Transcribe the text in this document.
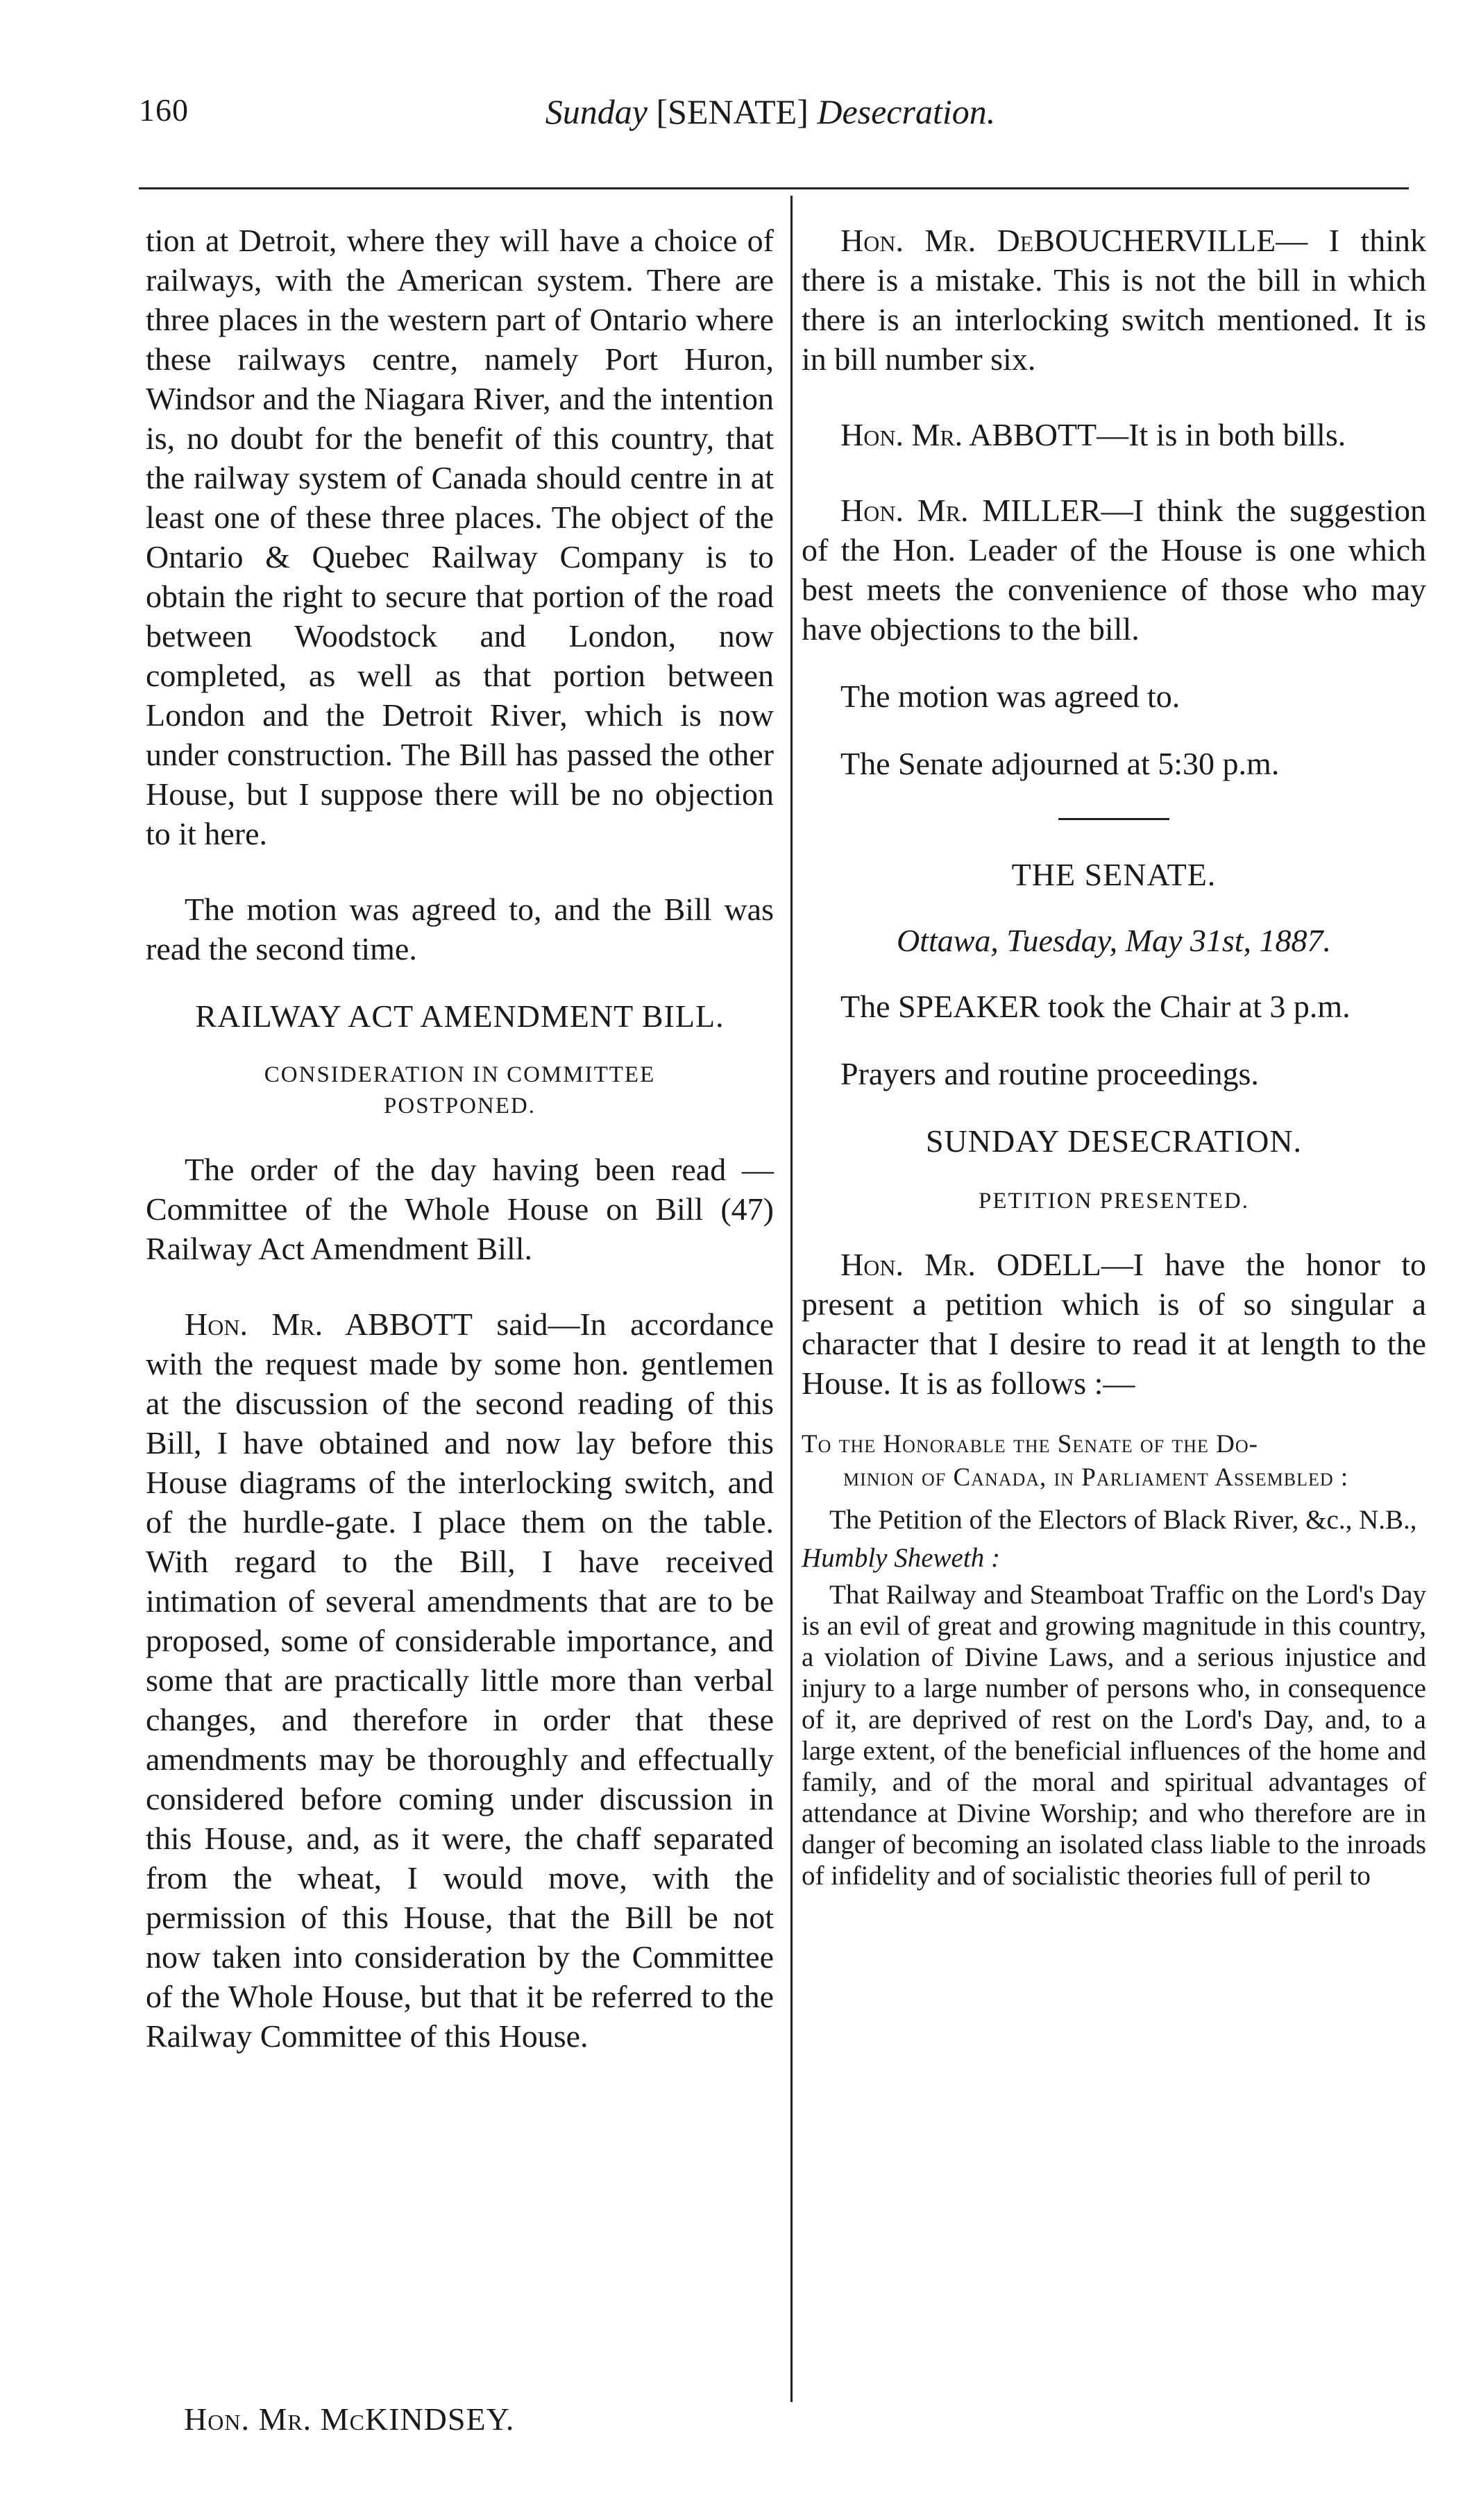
160	Sunday [SENATE] Desecration.

tion at Detroit, where they will have a choice of railways, with the American system. There are three places in the western part of Ontario where these railways centre, namely Port Huron, Windsor and the Niagara River, and the intention is, no doubt for the benefit of this country, that the railway system of Canada should centre in at least one of these three places. The object of the Ontario & Quebec Railway Company is to obtain the right to secure that portion of the road between Woodstock and London, now completed, as well as that portion between London and the Detroit River, which is now under construction. The Bill has passed the other House, but I suppose there will be no objection to it here.

The motion was agreed to, and the Bill was read the second time.

RAILWAY ACT AMENDMENT BILL.

CONSIDERATION IN COMMITTEE POSTPONED.

The order of the day having been read —Committee of the Whole House on Bill (47) Railway Act Amendment Bill.

Hon. Mr. ABBOTT said—In accordance with the request made by some hon. gentlemen at the discussion of the second reading of this Bill, I have obtained and now lay before this House diagrams of the interlocking switch, and of the hurdle-gate. I place them on the table. With regard to the Bill, I have received intimation of several amendments that are to be proposed, some of considerable importance, and some that are practically little more than verbal changes, and therefore in order that these amendments may be thoroughly and effectually considered before coming under discussion in this House, and, as it were, the chaff separated from the wheat, I would move, with the permission of this House, that the Bill be not now taken into consideration by the Committee of the Whole House, but that it be referred to the Railway Committee of this House.

Hon. Mr. DeBOUCHERVILLE— I think there is a mistake. This is not the bill in which there is an interlocking switch mentioned. It is in bill number six.

Hon. Mr. ABBOTT—It is in both bills.

Hon. Mr. MILLER—I think the suggestion of the Hon. Leader of the House is one which best meets the convenience of those who may have objections to the bill.

The motion was agreed to.

The Senate adjourned at 5:30 p.m.

THE SENATE.

Ottawa, Tuesday, May 31st, 1887.

The SPEAKER took the Chair at 3 p.m.

Prayers and routine proceedings.

SUNDAY DESECRATION.

PETITION PRESENTED.

Hon. Mr. ODELL—I have the honor to present a petition which is of so singular a character that I desire to read it at length to the House. It is as follows :—

To the Honorable the Senate of the Do-
minion of Canada, in Parliament Assembled :

The Petition of the Electors of Black River, &c., N.B.,

Humbly Sheweth :

That Railway and Steamboat Traffic on the Lord's Day is an evil of great and growing magnitude in this country, a violation of Divine Laws, and a serious injustice and injury to a large number of persons who, in consequence of it, are deprived of rest on the Lord's Day, and, to a large extent, of the beneficial influences of the home and family, and of the moral and spiritual advantages of attendance at Divine Worship; and who therefore are in danger of becoming an isolated class liable to the inroads of infidelity and of socialistic theories full of peril to

Hon. Mr. McKINDSEY.
